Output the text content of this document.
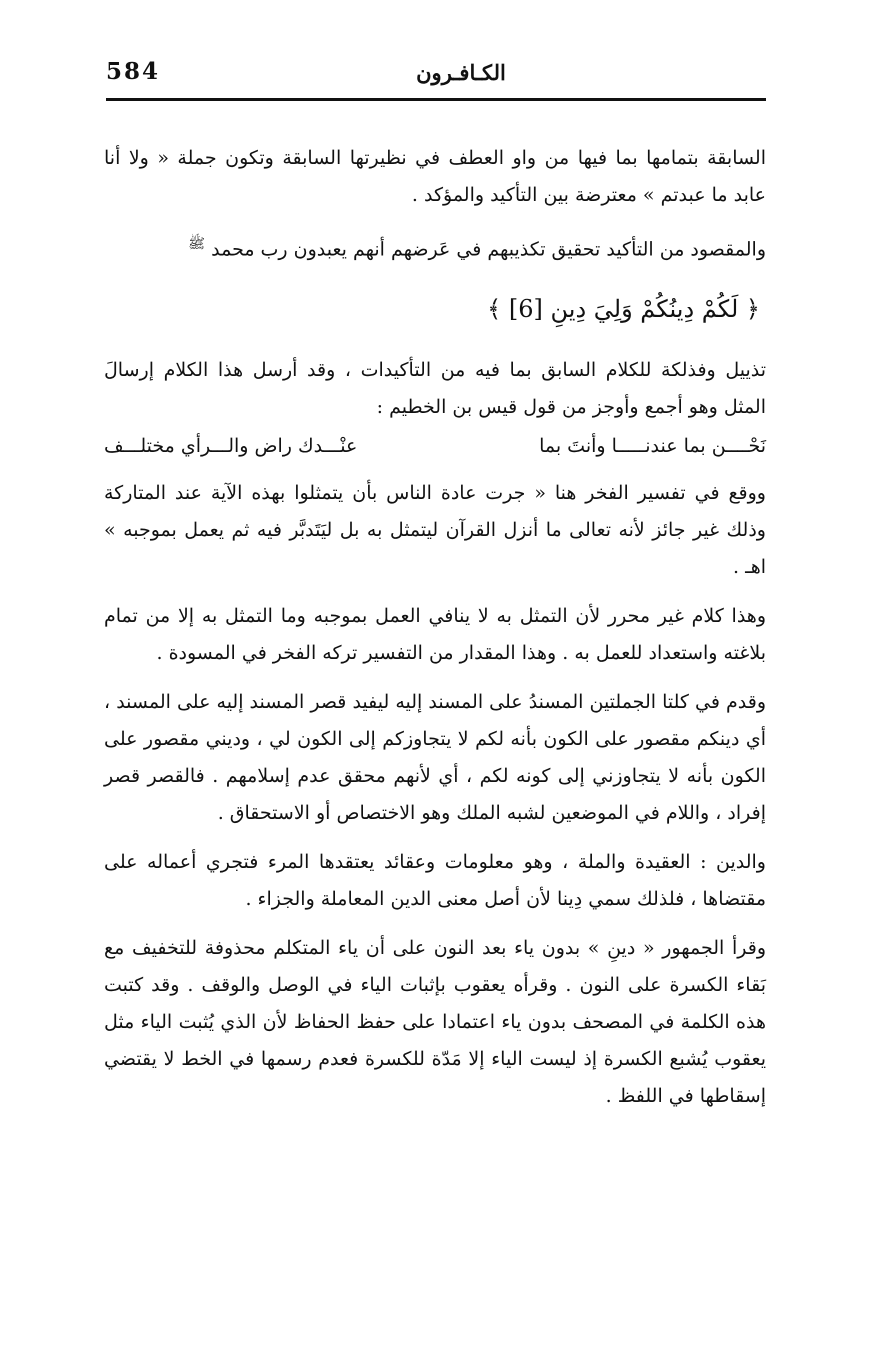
584	الكـافـرون

السابقة بتمامها بما فيها من واو العطف في نظيرتها السابقة وتكون جملة « ولا أنا عابد ما عبدتم » معترضة بين التأكيد والمؤكد .

والمقصود من التأكيد تحقيق تكذيبهم في عَرضهم أنهم يعبدون رب محمد $^ﷺ$

﴿ لَكُمْ دِينُكُمْ وَلِيَ دِينِ [6] ﴾

تذييل وفذلكة للكلام السابق بما فيه من التأكيدات ، وقد أرسل هذا الكلام إرسالَ المثل وهو أجمع وأوجز من قول قيس بن الخطيم :

نَحْــــن بما عندنـــــا وأنتَ بما
عنْـــدك راض والـــرأي مختلـــف

ووقع في تفسير الفخر هنا « جرت عادة الناس بأن يتمثلوا بهذه الآية عند المتاركة وذلك غير جائز لأنه تعالى ما أنزل القرآن ليتمثل به بل ليَتَدبَّر فيه ثم يعمل بموجبه » اهـ .

وهذا كلام غير محرر لأن التمثل به لا ينافي العمل بموجبه وما التمثل به إلا من تمام بلاغته واستعداد للعمل به . وهذا المقدار من التفسير تركه الفخر في المسودة .

وقدم في كلتا الجملتين المسندُ على المسند إليه ليفيد قصر المسند إليه على المسند ، أي دينكم مقصور على الكون بأنه لكم لا يتجاوزكم إلى الكون لي ، وديني مقصور على الكون بأنه لا يتجاوزني إلى كونه لكم ، أي لأنهم محقق عدم إسلامهم . فالقصر قصر إفراد ، واللام في الموضعين لشبه الملك وهو الاختصاص أو الاستحقاق .

والدين : العقيدة والملة ، وهو معلومات وعقائد يعتقدها المرء فتجري أعماله على مقتضاها ، فلذلك سمي دِينا لأن أصل معنى الدين المعاملة والجزاء .

وقرأ الجمهور « دينِ » بدون ياء بعد النون على أن ياء المتكلم محذوفة للتخفيف مع بَقاء الكسرة على النون . وقرأه يعقوب بإثبات الياء في الوصل والوقف . وقد كتبت هذه الكلمة في المصحف بدون ياء اعتمادا على حفظ الحفاظ لأن الذي يُثبت الياء مثل يعقوب يُشبع الكسرة إذ ليست الياء إلا مَدّة للكسرة فعدم رسمها في الخط لا يقتضي إسقاطها في اللفظ .
